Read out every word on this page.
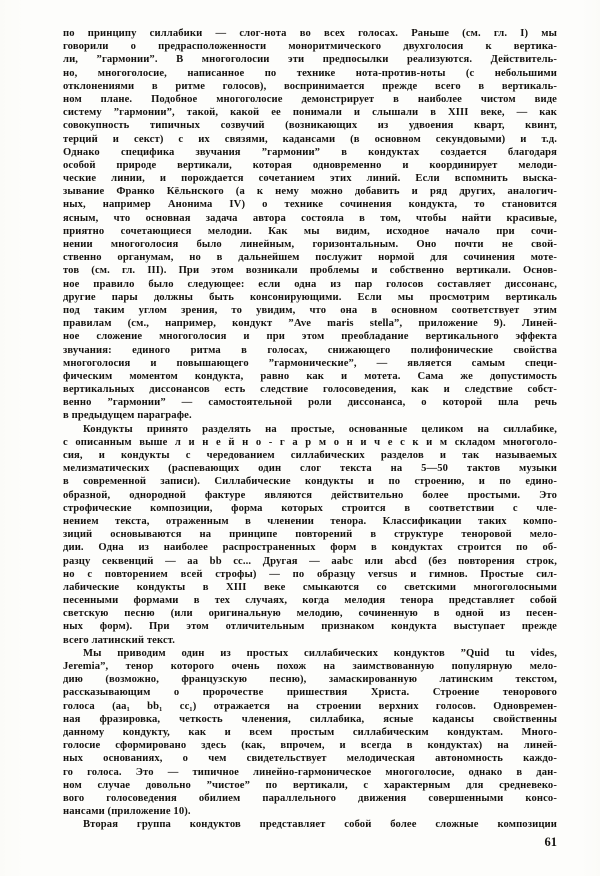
по принципу силлабики — слог-нота во всех голосах. Раньше (см. гл. I) мы
говорили о предрасположенности моноритмического двухголосия к вертика-
ли, ”гармонии”. В многоголосии эти предпосылки реализуются. Действитель-
но, многоголосие, написанное по технике нота-против-ноты (с небольшими
отклонениями в ритме голосов), воспринимается прежде всего в вертикаль-
ном плане. Подобное многоголосие демонстрирует в наиболее чистом виде
систему ”гармонии”, такой, какой ее понимали и слышали в XIII веке, — как
совокупность типичных созвучий (возникающих из удвоения кварт, квинт,
терций и секст) с их связями, кадансами (в основном секундовыми) и т.д.
Однако специфика звучания ”гармонии” в кондуктах создается благодаря
особой природе вертикали, которая одновременно и координирует мелоди-
ческие линии, и порождается сочетанием этих линий. Если вспомнить выска-
зывание Франко Кёльнского (а к нему можно добавить и ряд других, аналогич-
ных, например Анонима IV) о технике сочинения кондукта, то становится
ясным, что основная задача автора состояла в том, чтобы найти красивые,
приятно сочетающиеся мелодии. Как мы видим, исходное начало при сочи-
нении многоголосия было линейным, горизонтальным. Оно почти не свой-
ственно органумам, но в дальнейшем послужит нормой для сочинения моте-
тов (см. гл. III). При этом возникали проблемы и собственно вертикали. Основ-
ное правило было следующее: если одна из пар голосов составляет диссонанс,
другие пары должны быть консонирующими. Если мы просмотрим вертикаль
под таким углом зрения, то увидим, что она в основном соответствует этим
правилам (см., например, кондукт ”Ave maris stella”, приложение 9). Линей-
ное сложение многоголосия и при этом преобладание вертикального эффекта
звучания: единого ритма в голосах, снижающего полифонические свойства
многоголосия и повышающего ”гармонические”, — является самым специ-
фическим моментом кондукта, равно как и мотета. Сама же допустимость
вертикальных диссонансов есть следствие голосоведения, как и следствие собст-
венно ”гармонии” — самостоятельной роли диссонанса, о которой шла речь
в предыдущем параграфе.
Кондукты принято разделять на простые, основанные целиком на силлабике,
с описанным выше л и н е й н о - г а р м о н и ч е с к и м складом многоголо-
сия, и кондукты с чередованием силлабических разделов и так называемых
мелизматических (распевающих один слог текста на 5—50 тактов музыки
в современной записи). Силлабические кондукты и по строению, и по едино-
образной, однородной фактуре являются действительно более простыми. Это
строфические композиции, форма которых строится в соответствии с чле-
нением текста, отраженным в членении тенора. Классификации таких компо-
зиций основываются на принципе повторений в структуре теноровой мело-
дии. Одна из наиболее распространенных форм в кондуктах строится по об-
разцу секвенций — aa bb cc... Другая — aabc или abcd (без повторения строк,
но с повторением всей строфы) — по образцу versus и гимнов. Простые сил-
лабические кондукты в XIII веке смыкаются со светскими многоголосными
песенными формами в тех случаях, когда мелодия тенора представляет собой
светскую песню (или оригинальную мелодию, сочиненную в одной из песен-
ных форм). При этом отличительным признаком кондукта выступает прежде
всего латинский текст.
Мы приводим один из простых силлабических кондуктов ”Quid tu vides,
Jeremia”, тенор которого очень похож на заимствованную популярную мело-
дию (возможно, французскую песню), замаскированную латинским текстом,
рассказывающим о пророчестве пришествия Христа. Строение тенорового
голоса (aa₁ bb₁ cc₁) отражается на строении верхних голосов. Одновремен-
ная фразировка, четкость членения, силлабика, ясные кадансы свойственны
данному кондукту, как и всем простым силлабическим кондуктам. Много-
голосие сформировано здесь (как, впрочем, и всегда в кондуктах) на линей-
ных основаниях, о чем свидетельствует мелодическая автономность каждо-
го голоса. Это — типичное линейно-гармоническое многоголосие, однако в дан-
ном случае довольно ”чистое” по вертикали, с характерным для средневеко-
вого голосоведения обилием параллельного движения совершенными консо-
нансами (приложение 10).
Вторая группа кондуктов представляет собой более сложные композиции
61
